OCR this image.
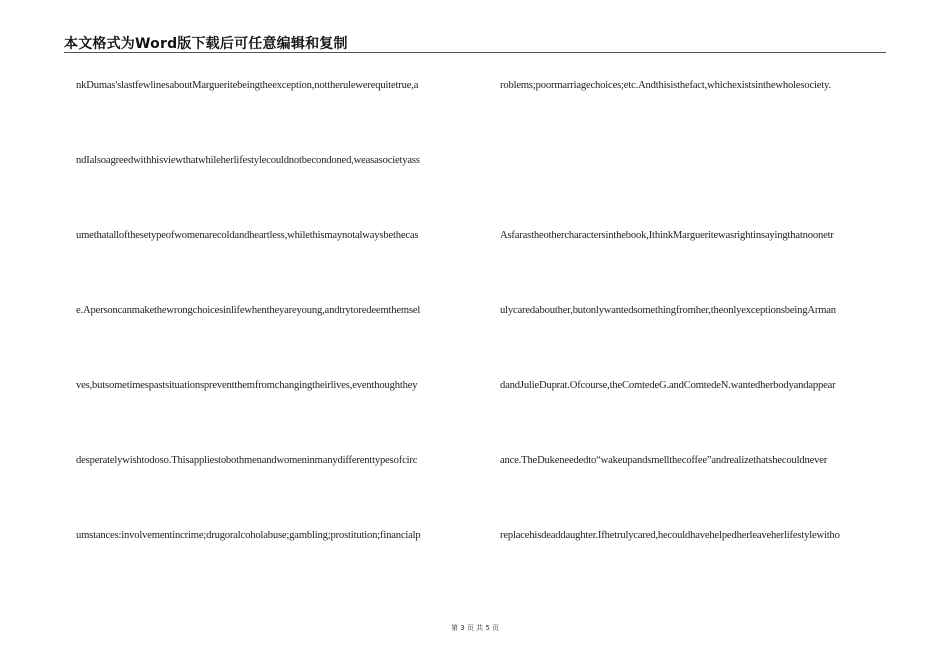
本文格式为Word版下载后可任意编辑和复制
nkDumas'slastfewlinesaboutMargueritebeingtheexception,nottherulewerequitetrue,a
ndIalsoagreedwithhisviewthatwhileherlifestylecouldnotbecondoned,weasasocietyass
umethatallofthesetypeofwomenarecoldandheartless,whilethismaynotalwaysbethecas
e.Apersoncanmakethewrongchoicesinlifewhentheyareyoung,andtrytoredeemthemsel
ves,butsometimespastsituationspreventthemfromchangingtheirlives,eventhoughthey
desperatelywishtodoso.Thisappliestobothmenandwomeninmanydifferenttypesofcirc
umstances:involvementincrime;drugoralcoholabuse;gambling;prostitution;financialp
roblems;poormarriagechoices;etc.Andthisisthefact,whichexistsinthewholesociety.
Asfarastheothercharactersinthebook,IthinkMargueritewasrightinsayingthatnoonetr
ulycaredabouther,butonlywantedsomethingfromher,theonlyexceptionsbeingArman
dandJulieDuprat.Ofcourse,theComtedeG.andComtedeN.wantedherbodyandappear
ance.TheDukeneededto“wakeupandsmellthecoffee”andrealizethatshecouldnever
replacehisdeaddaughter.Ifhetrulycared,hecouldhavehelpedherleaveherlifestylewitho
第 3 页 共 5 页
